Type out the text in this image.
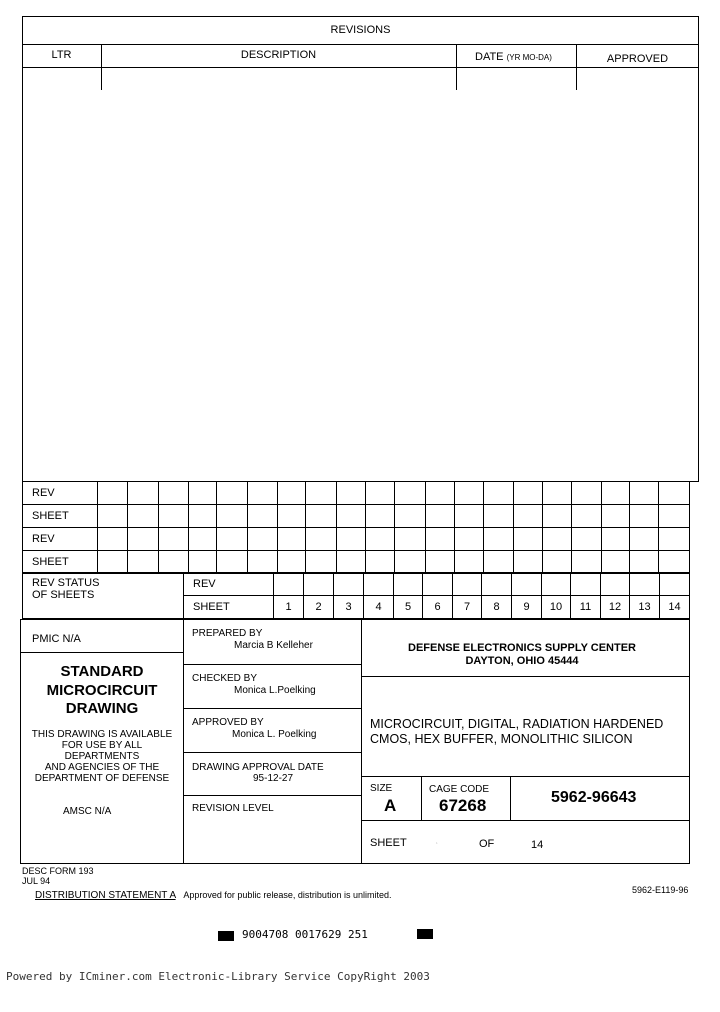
REVISIONS
LTR	DESCRIPTION	DATE (YR MO-DA)	APPROVED
REV																				
SHEET																				
REV																				
SHEET																				
REV STATUS
OF SHEETS
REV														
SHEET	1	2	3	4	5	6	7	8	9	10	11	12	13	14
PMIC N/A
STANDARD
MICROCIRCUIT
DRAWING
THIS DRAWING IS AVAILABLE
FOR USE BY ALL
DEPARTMENTS
AND AGENCIES OF THE
DEPARTMENT OF DEFENSE
AMSC N/A
PREPARED BY
Marcia B Kelleher
CHECKED BY
Monica L.Poelking
APPROVED BY
Monica L. Poelking
DRAWING APPROVAL DATE
95-12-27
REVISION LEVEL
DEFENSE ELECTRONICS SUPPLY CENTER
DAYTON, OHIO 45444
MICROCIRCUIT, DIGITAL, RADIATION HARDENED
CMOS, HEX BUFFER, MONOLITHIC SILICON
SIZE
A
CAGE CODE
67268	5962-96643
SHEET	1	OF	14
DESC FORM 193
JUL 94
DISTRIBUTION STATEMENT A Approved for public release, distribution is unlimited.	5962-E119-96
9004708 0017629 251
Powered by ICminer.com Electronic-Library Service CopyRight 2003
